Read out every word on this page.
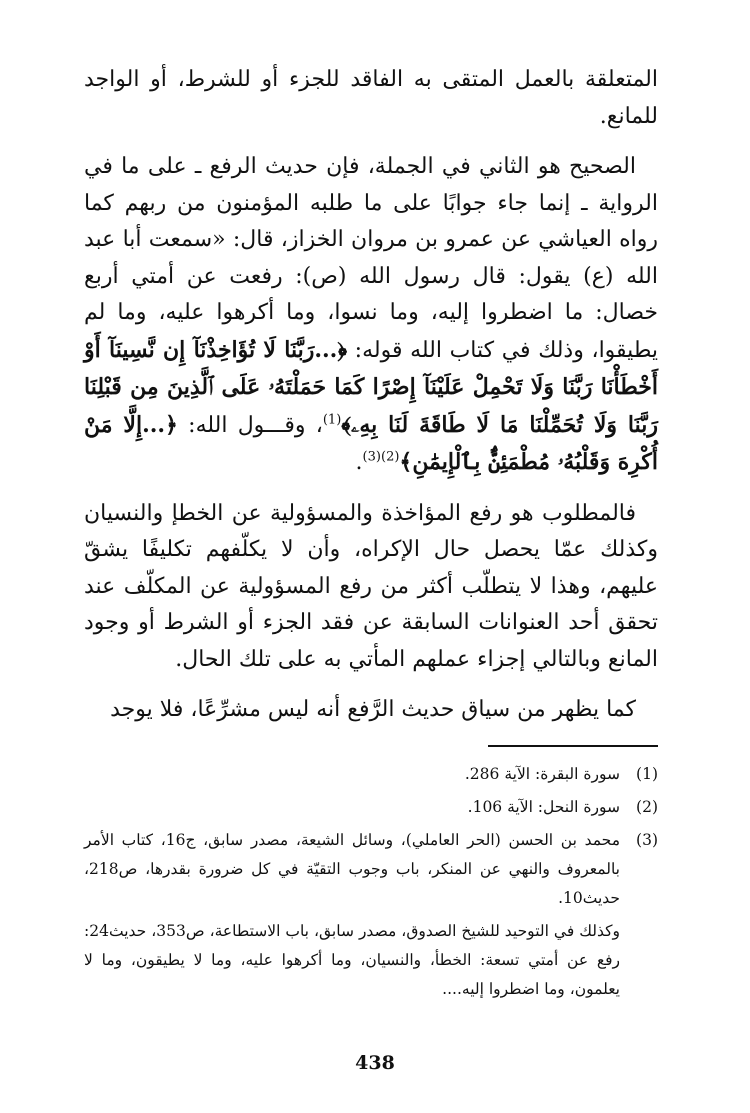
المتعلقة بالعمل المتقى به الفاقد للجزء أو للشرط، أو الواجد للمانع.

الصحيح هو الثاني في الجملة، فإن حديث الرفع ـ على ما في الرواية ـ إنما جاء جوابًا على ما طلبه المؤمنون من ربهم كما رواه العياشي عن عمرو بن مروان الخزاز، قال: «سمعت أبا عبد الله (ع) يقول: قال رسول الله (ص): رفعت عن أمتي أربع خصال: ما اضطروا إليه، وما نسوا، وما أكرهوا عليه، وما لم يطيقوا، وذلك في كتاب الله قوله: ﴿...رَبَّنَا لَا تُؤَاخِذْنَآ إِن نَّسِينَآ أَوْ أَخْطَأْنَا رَبَّنَا وَلَا تَحْمِلْ عَلَيْنَآ إِصْرًا كَمَا حَمَلْتَهُۥ عَلَى ٱلَّذِينَ مِن قَبْلِنَا رَبَّنَا وَلَا تُحَمِّلْنَا مَا لَا طَاقَةَ لَنَا بِهِۦ﴾$^{(1)}$، وقـــول الله: ﴿...إِلَّا مَنْ أُكْرِهَ وَقَلْبُهُۥ مُطْمَئِنٌّۢ بِٱلْإِيمَٰنِ﴾$^{(2)(3)}$.

فالمطلوب هو رفع المؤاخذة والمسؤولية عن الخطإ والنسيان وكذلك عمّا يحصل حال الإكراه، وأن لا يكلّفهم تكليفًا يشقّ عليهم، وهذا لا يتطلّب أكثر من رفع المسؤولية عن المكلّف عند تحقق أحد العنوانات السابقة عن فقد الجزء أو الشرط أو وجود المانع وبالتالي إجزاء عملهم المأتي به على تلك الحال.

كما يظهر من سياق حديث الرَّفع أنه ليس مشرِّعًا، فلا يوجد

(1)
سورة البقرة: الآية 286.
(2)
سورة النحل: الآية 106.
(3)
محمد بن الحسن (الحر العاملي)، وسائل الشيعة، مصدر سابق، ج16، كتاب الأمر بالمعروف والنهي عن المنكر، باب وجوب التقيّة في كل ضرورة بقدرها، ص218، حديث10.
وكذلك في التوحيد للشيخ الصدوق، مصدر سابق، باب الاستطاعة، ص353، حديث24: رفع عن أمتي تسعة: الخطأ، والنسيان، وما أكرهوا عليه، وما لا يطيقون، وما لا يعلمون، وما اضطروا إليه....
438
